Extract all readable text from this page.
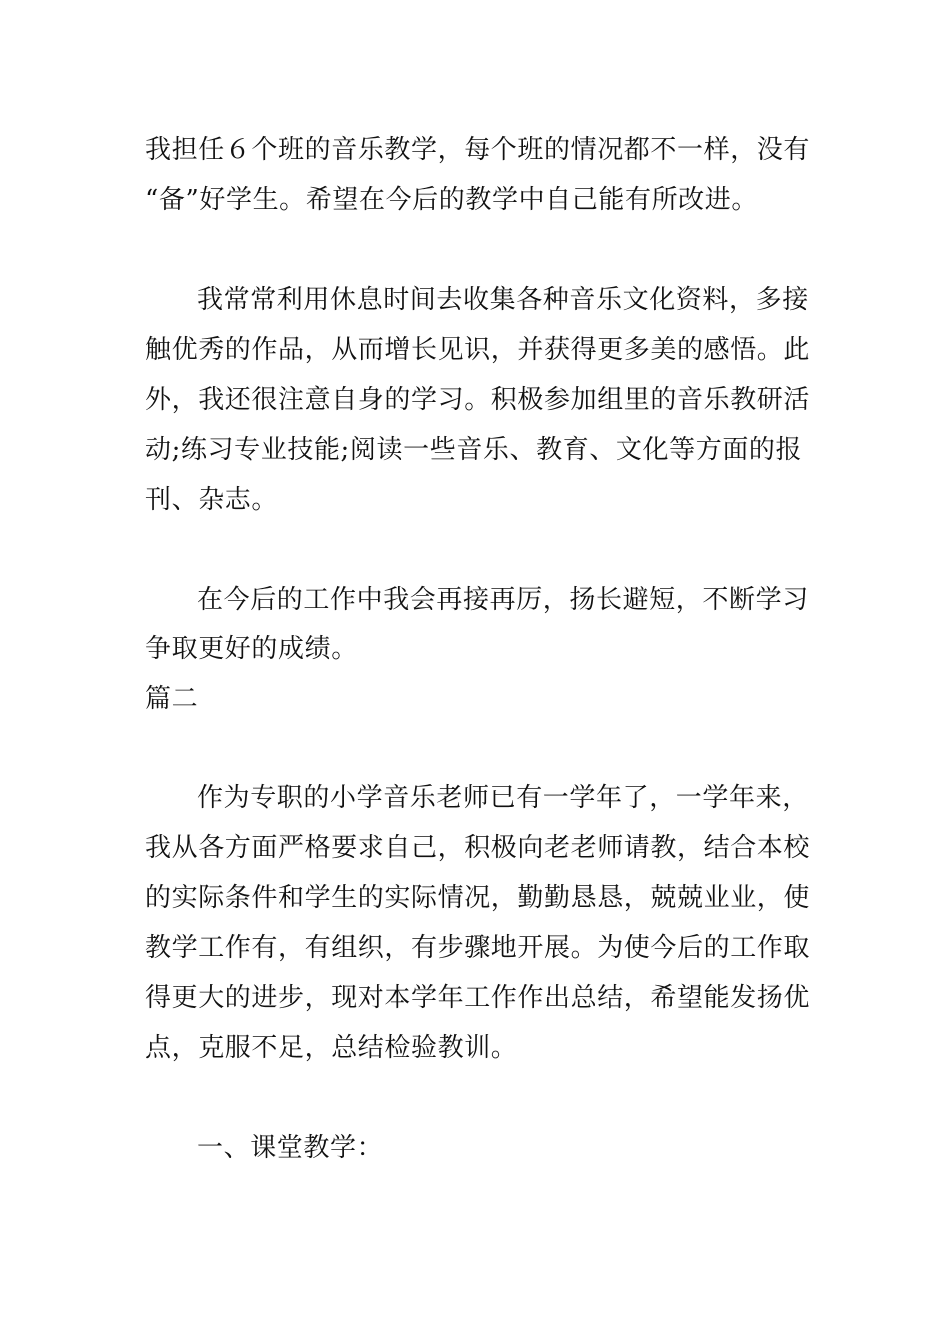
我担任６个班的音乐教学，每个班的情况都不一样，没有
“备”好学生。希望在今后的教学中自己能有所改进。
我常常利用休息时间去收集各种音乐文化资料，多接
触优秀的作品，从而增长见识，并获得更多美的感悟。此
外，我还很注意自身的学习。积极参加组里的音乐教研活
动;练习专业技能;阅读一些音乐、教育、文化等方面的报
刊、杂志。
在今后的工作中我会再接再厉，扬长避短，不断学习
争取更好的成绩。
篇二
作为专职的小学音乐老师已有一学年了，一学年来，
我从各方面严格要求自己，积极向老老师请教，结合本校
的实际条件和学生的实际情况，勤勤恳恳，兢兢业业，使
教学工作有，有组织，有步骤地开展。为使今后的工作取
得更大的进步，现对本学年工作作出总结，希望能发扬优
点，克服不足，总结检验教训。
一、课堂教学：
